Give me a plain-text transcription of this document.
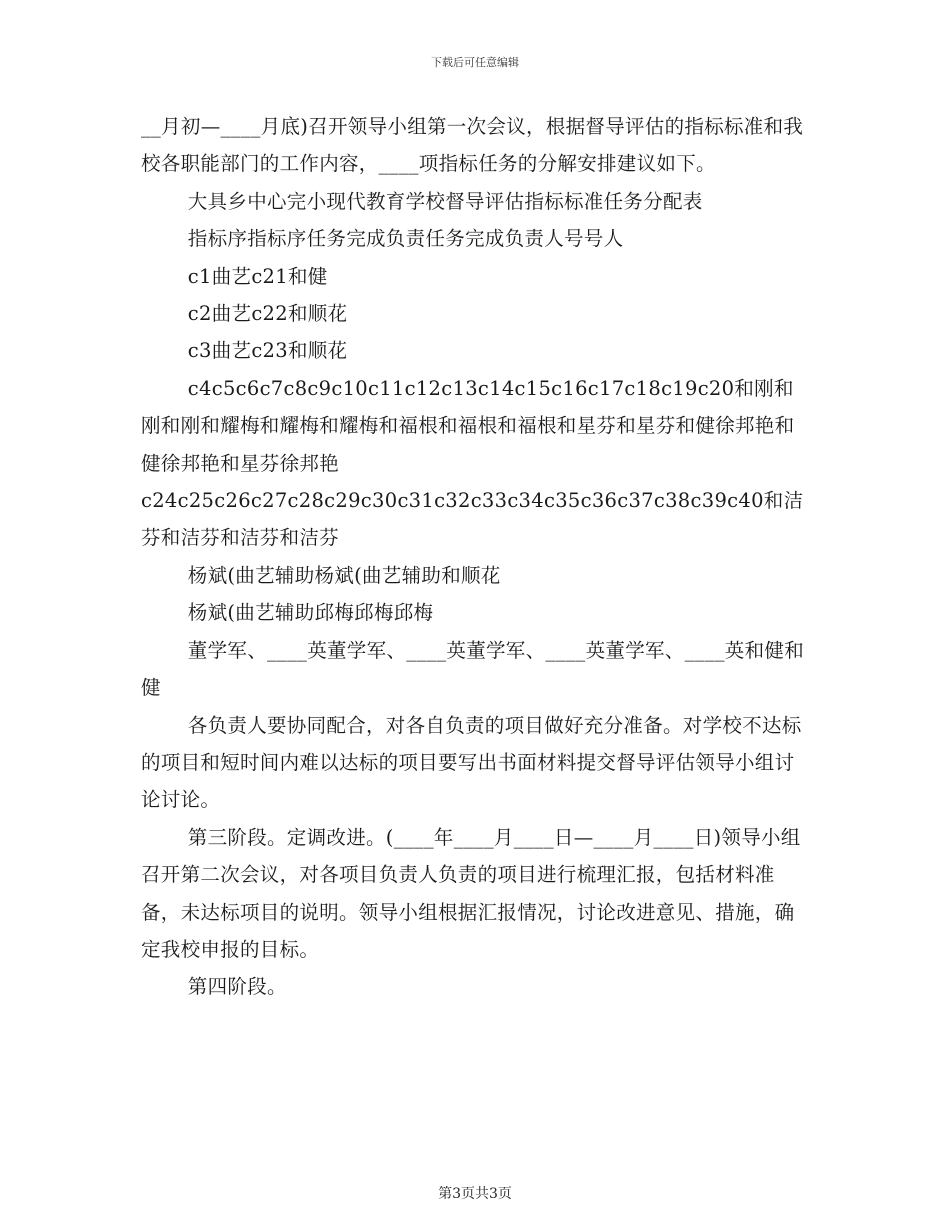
下载后可任意编辑

__月初—____月底)召开领导小组第一次会议，根据督导评估的指标标准和我校各职能部门的工作内容，____项指标任务的分解安排建议如下。

大具乡中心完小现代教育学校督导评估指标标准任务分配表

指标序指标序任务完成负责任务完成负责人号号人

c1曲艺c21和健

c2曲艺c22和顺花

c3曲艺c23和顺花

c4c5c6c7c8c9c10c11c12c13c14c15c16c17c18c19c20和刚和刚和刚和耀梅和耀梅和耀梅和福根和福根和福根和星芬和星芬和健徐邦艳和健徐邦艳和星芬徐邦艳

c24c25c26c27c28c29c30c31c32c33c34c35c36c37c38c39c40和洁芬和洁芬和洁芬和洁芬

杨斌(曲艺辅助杨斌(曲艺辅助和顺花

杨斌(曲艺辅助邱梅邱梅邱梅

董学军、____英董学军、____英董学军、____英董学军、____英和健和健

各负责人要协同配合，对各自负责的项目做好充分准备。对学校不达标的项目和短时间内难以达标的项目要写出书面材料提交督导评估领导小组讨论讨论。

第三阶段。定调改进。(____年____月____日—____月____日)领导小组召开第二次会议，对各项目负责人负责的项目进行梳理汇报，包括材料准备，未达标项目的说明。领导小组根据汇报情况，讨论改进意见、措施，确定我校申报的目标。

第四阶段。

第3页共3页
